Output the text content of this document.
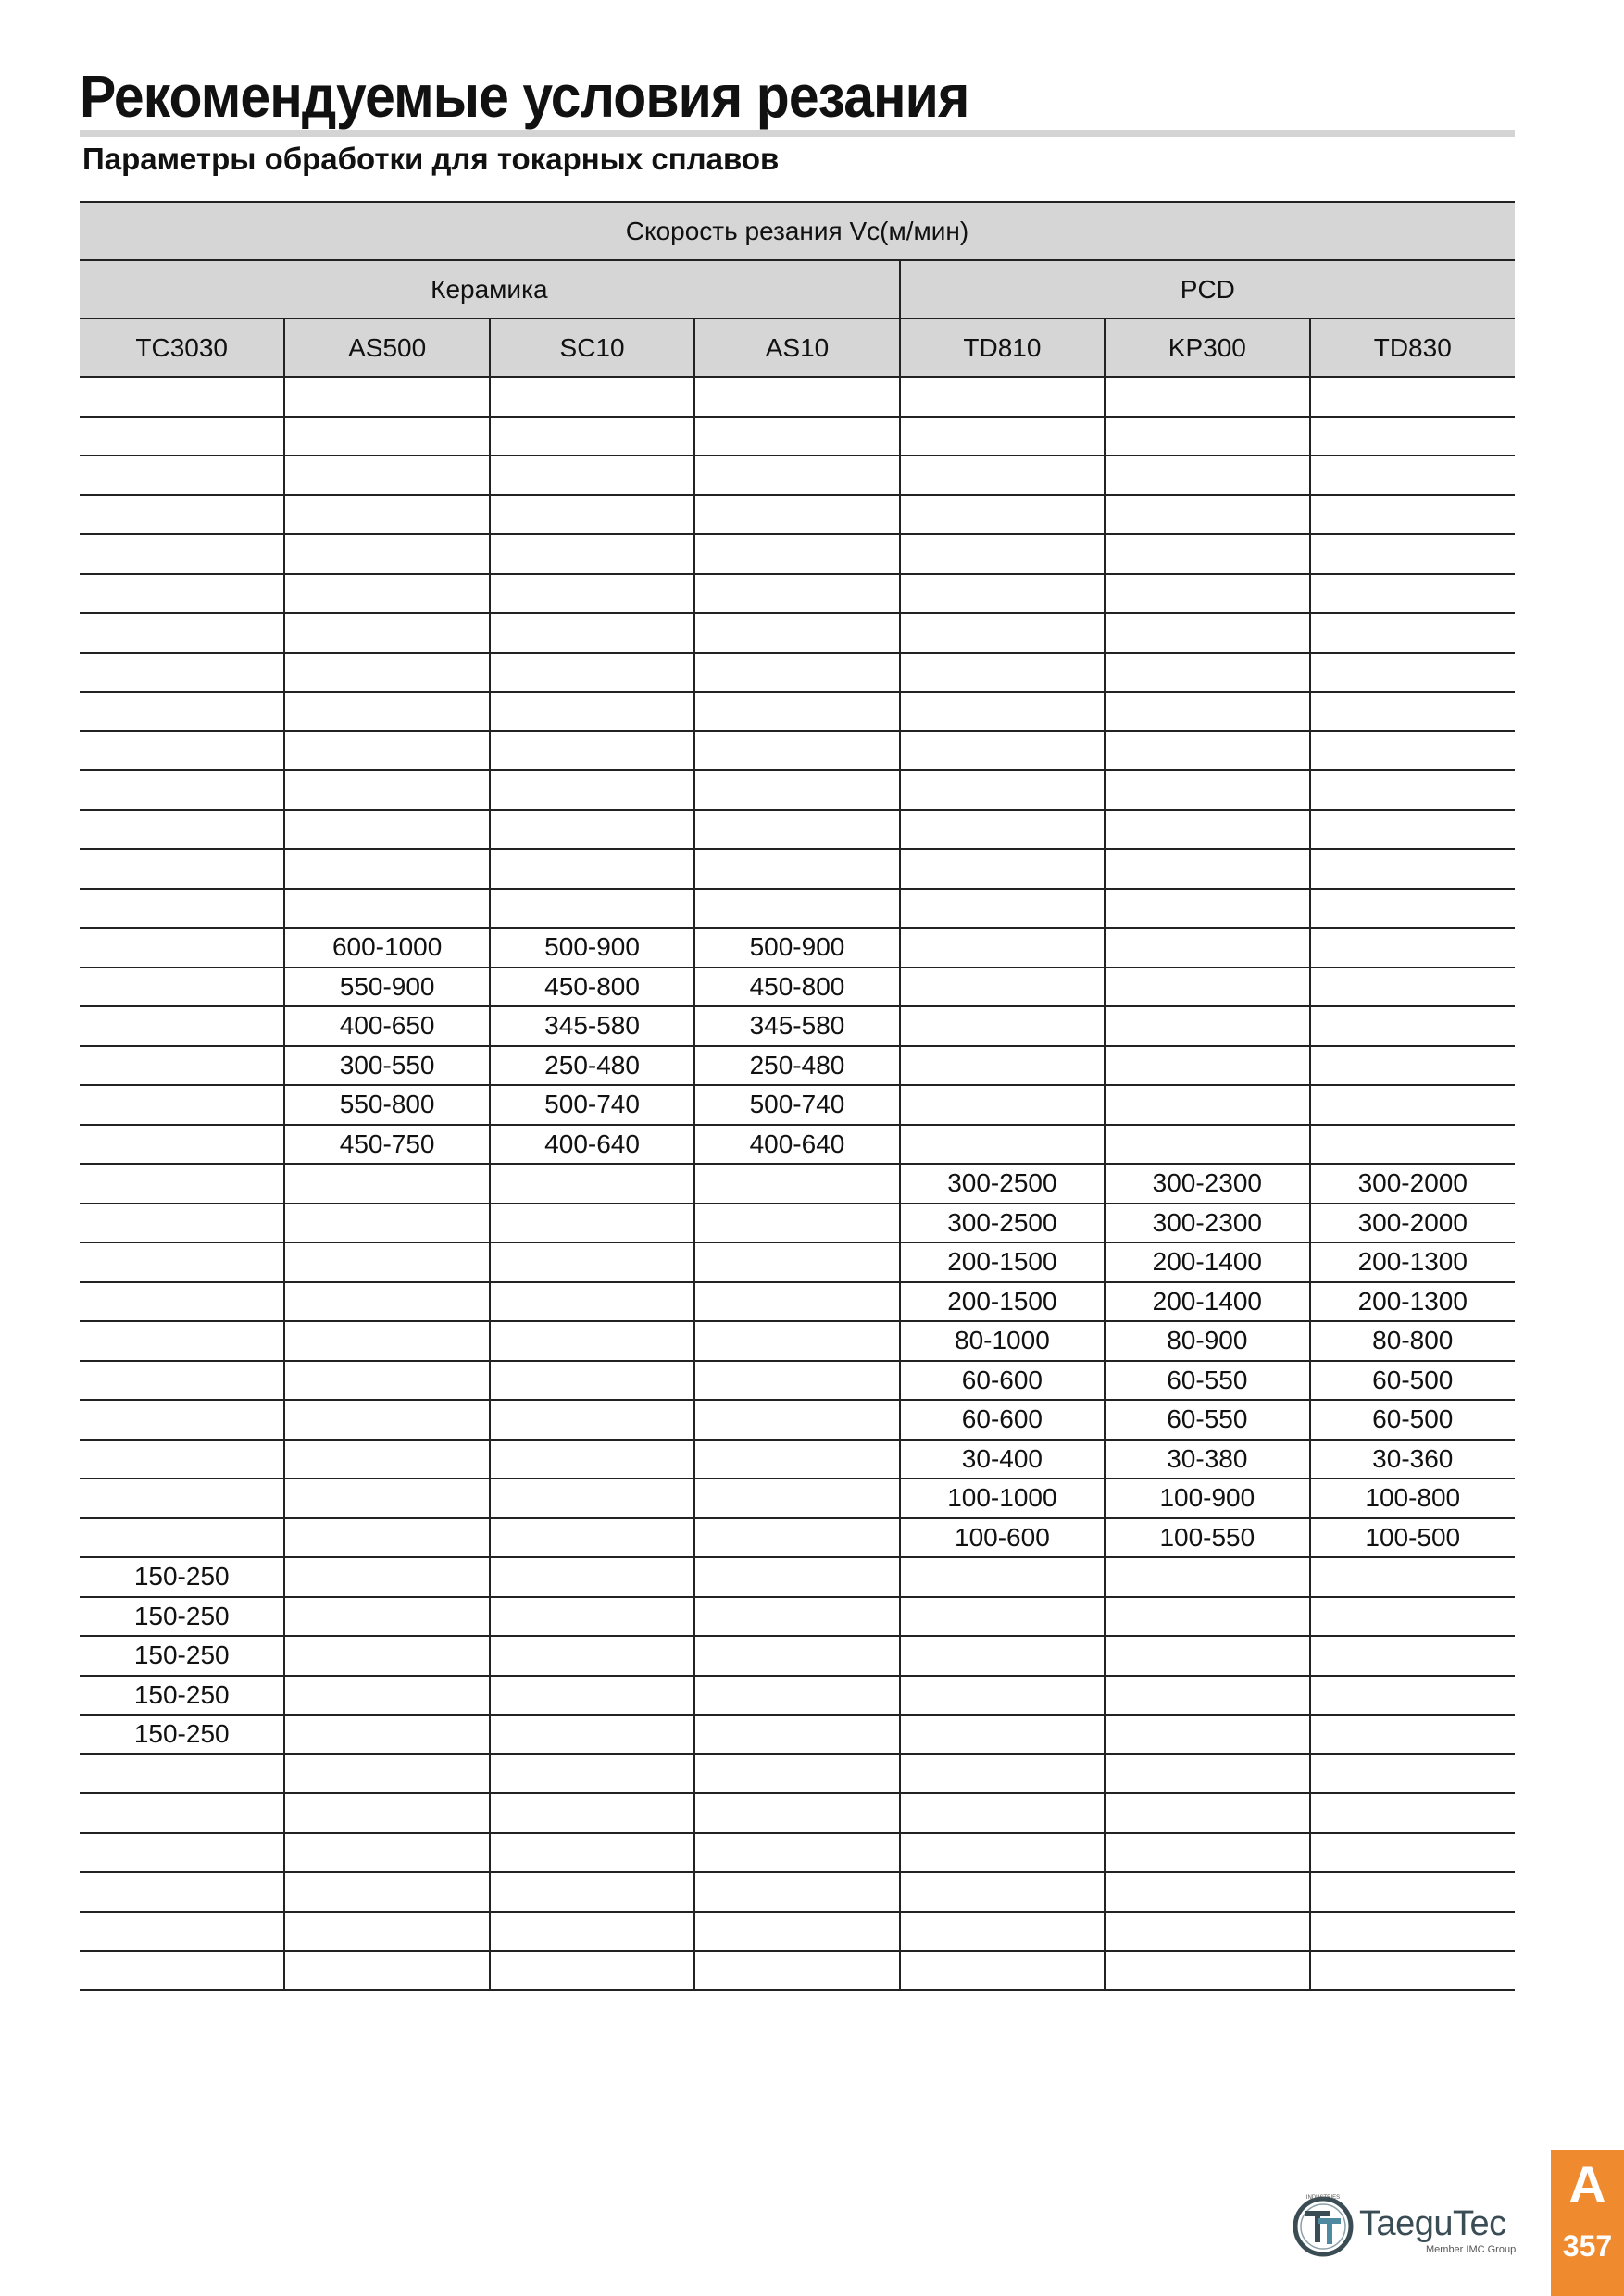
Рекомендуемые условия резания
Параметры обработки для токарных сплавов
Скорость резания Vc(м/мин)						
Керамика				PCD		
TC3030	AS500	SC10	AS10	TD810	KP300	TD830

	600-1000	500-900	500-900			
	550-900	450-800	450-800			
	400-650	345-580	345-580			
	300-550	250-480	250-480			
	550-800	500-740	500-740			
	450-750	400-640	400-640			
				300-2500	300-2300	300-2000
				300-2500	300-2300	300-2000
				200-1500	200-1400	200-1300
				200-1500	200-1400	200-1300
				80-1000	80-900	80-800
				60-600	60-550	60-500
				60-600	60-550	60-500
				30-400	30-380	30-360
				100-1000	100-900	100-800
				100-600	100-550	100-500
150-250						
150-250						
150-250						
150-250						
150-250						

INDUSTRIES
TaeguTec
Member IMC Group
A
357
